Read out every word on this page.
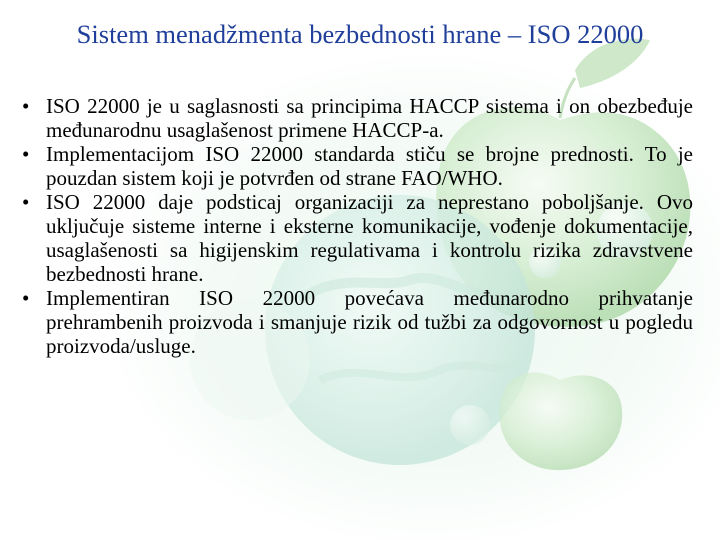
Sistem menadžmenta bezbednosti hrane – ISO 22000
• ISO 22000 je u saglasnosti sa principima HACCP sistema i on obezbeđuje međunarodnu usaglašenost primene HACCP-a.
• Implementacijom ISO 22000 standarda stiču se brojne prednosti. To je pouzdan sistem koji je potvrđen od strane FAO/WHO.
• ISO 22000 daje podsticaj organizaciji za neprestano poboljšanje. Ovo uključuje sisteme interne i eksterne komunikacije, vođenje dokumentacije, usaglašenosti sa higijenskim regulativama i kontrolu rizika zdravstvene bezbednosti hrane.
• Implementiran ISO 22000 povećava međunarodno prihvatanje prehrambenih proizvoda i smanjuje rizik od tužbi za odgovornost u pogledu proizvoda/usluge.
